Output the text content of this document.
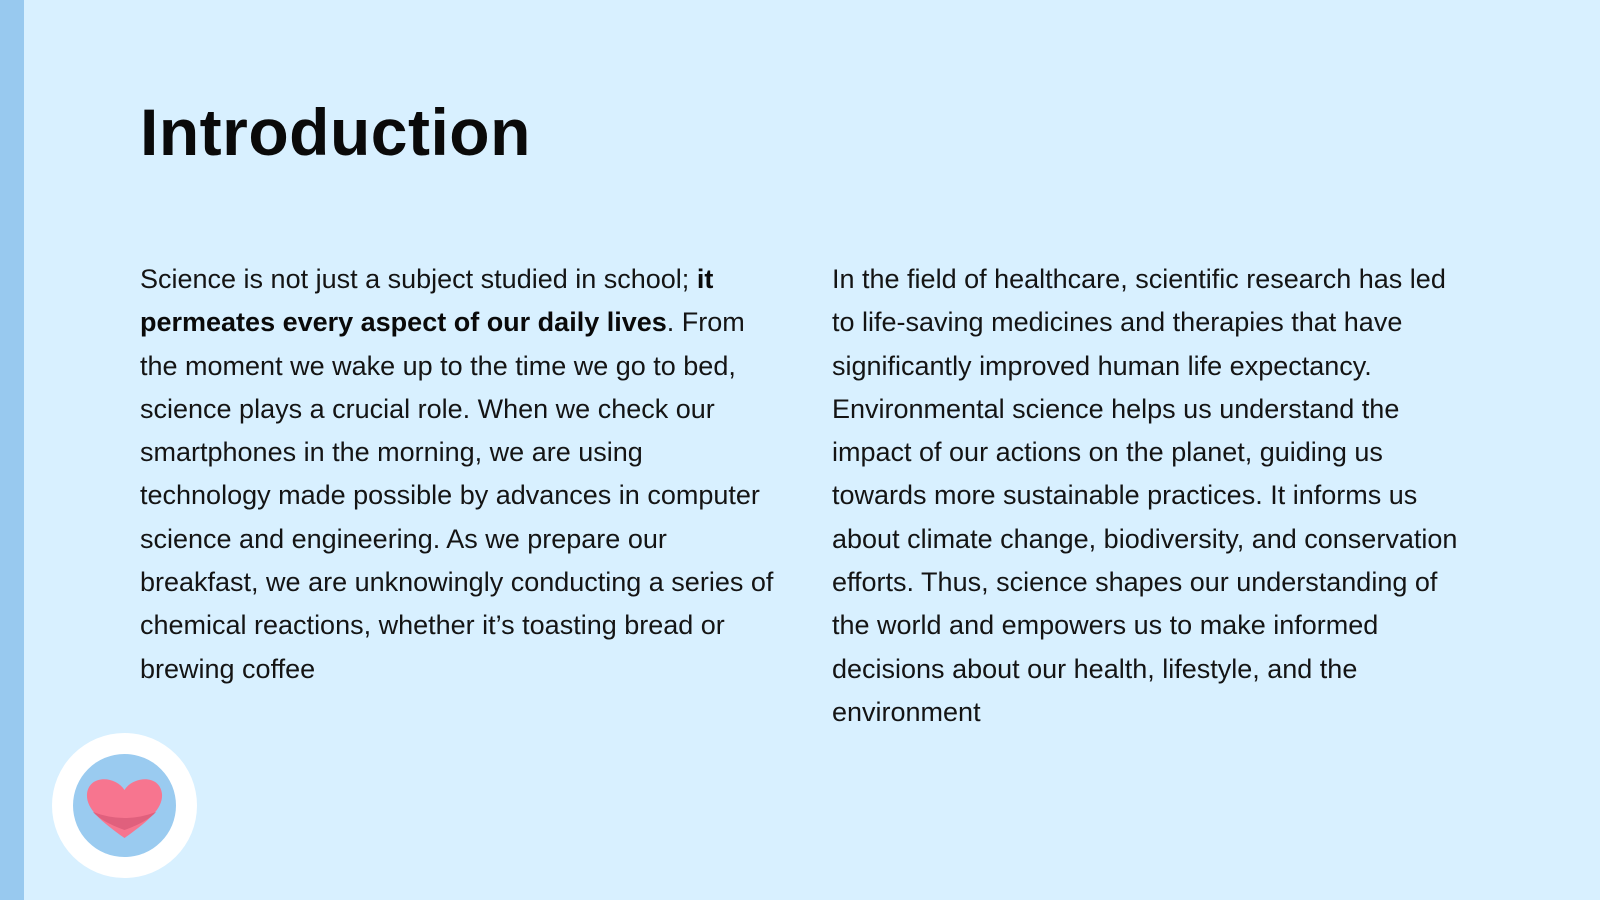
Introduction

Science is not just a subject studied in school; it permeates every aspect of our daily lives. From the moment we wake up to the time we go to bed, science plays a crucial role. When we check our smartphones in the morning, we are using technology made possible by advances in computer science and engineering. As we prepare our breakfast, we are unknowingly conducting a series of chemical reactions, whether it’s toasting bread or brewing coffee

In the field of healthcare, scientific research has led to life-saving medicines and therapies that have significantly improved human life expectancy. Environmental science helps us understand the impact of our actions on the planet, guiding us towards more sustainable practices. It informs us about climate change, biodiversity, and conservation efforts. Thus, science shapes our understanding of the world and empowers us to make informed decisions about our health, lifestyle, and the environment
